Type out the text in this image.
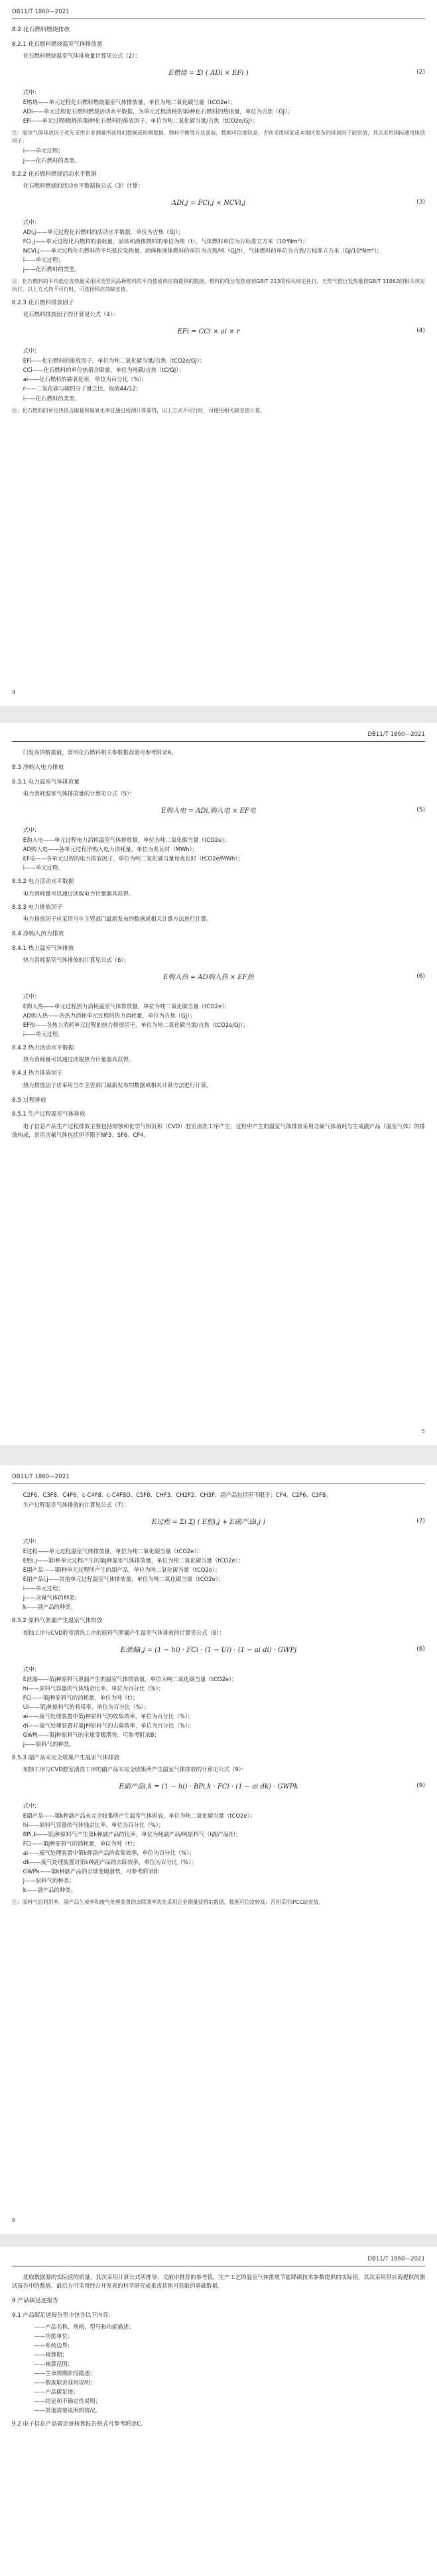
DB11/T 1860—2021
8.2 化石燃料燃烧排放
8.2.1 化石燃料燃烧温室气体排放量
化石燃料燃烧温室气体排放量计算见公式（2）：
E燃烧 = Σi ( ADi × EFi )	(2)
式中：
E燃烧——单元过程化石燃料燃烧温室气体排放量，单位为吨二氧化碳当量（tCO2e）；
ADi——单元过程化石燃料燃烧活动水平数据，为单元过程消耗的第i种化石燃料的热值量，单位为吉焦（GJ）；
EFi——单元过程i燃烧的第i种化石燃料的排放因子，单位为吨二氧化碳当量/吉焦（tCO2e/GJ）；
注：温室气体排放因子优先采用企业测量所获得的数据或检测数据，物料平衡等方法获取，数据可信度较高；否则采用国家或本地区发布的排放因子缺省值，其次采用国际通用排放因子。
i——单元过程；
j——化石燃料的类型。
8.2.2 化石燃料燃烧活动水平数据
化石燃料燃烧的活动水平数据按公式（3）计算：
ADi,j = FCi,j × NCVi,j	(3)
式中：
ADi,j——单元过程化石燃料的活动水平数据，单位为吉焦（GJ）；
FCi,j——单元过程化石燃料的消耗量，固体和液体燃料的单位为吨（t），气体燃料单位为万标准立方米（10⁴Nm³）；
NCVi,j——单元过程化石燃料的平均低位发热量，固体和液体燃料的单位为吉焦/吨（GJ/t），气体燃料的单位为吉焦/万标准立方米（GJ/10⁴Nm³）；
i——单元过程；
j——化石燃料的类型。
注：化石燃料的平均低位发热量采用同类型同品种燃料的平均值或供应商提供的数据，燃料的低位发热值按GB/T 213的相关规定执行，天然气低位发热量按GB/T 11062的相关规定执行。以上方式均不可行时，可选择相应的缺省值。
8.2.3 化石燃料排放因子
化石燃料排放因子的计算见公式（4）：
EFi = CCi × ai × r	(4)
式中：
EFi——化石燃料的排放因子，单位为吨二氧化碳当量/吉焦（tCO2e/GJ）；
CCi——化石燃料的单位热值含碳量，单位为吨碳/吉焦（tC/GJ）；
ai——化石燃料的碳氧化率，单位为百分比（%）；
r——二氧化碳与碳的分子量之比，取值44/12；
i——化石燃料的类型。
注：化石燃料的单位热值含碳量和碳氧化率宜通过检测计算获得，以上方式不可行时，可使用相关缺省值计算。
4
DB11/T 1860—2021
门发布的数据值，常用化石燃料相关参数推荐值可参考附录A。
8.3 净购入电力排放
8.3.1 电力温室气体排放量
电力消耗温室气体排放量的计算见公式（5）：
E购入电 = ADi,购入电 × EF电	(5)
式中：
E购入电——单元过程电力消耗温室气体排放量，单位为吨二氧化碳当量（tCO2e）；
AD购入电——各单元过程净购入电力消耗量，单位为兆瓦时（MWh）；
EF电——各单元过程的电力排放因子，单位为吨二氧化碳当量每兆瓦时（tCO2e/MWh）；
i——单元过程。
8.3.2 电力活动水平数据
电力消耗量可以通过读取电力计量器具获得。
8.3.3 电力排放因子
电力排放因子应采用当年主管部门最新发布的数据或相关计算方法进行计算。
8.4 净购入热力排放
8.4.1 热力温室气体排放
热力消耗温室气体排放的计算见公式（6）：
E购入热 = AD购入热 × EF热	(6)
式中：
E购入热——单元过程热力消耗温室气体排放量，单位为吨二氧化碳当量（tCO2e）；
AD购入热——各热力消耗单元过程的热力消耗量，单位为吉焦（GJ）；
EF热——各热力消耗单元过程的热力排放因子，单位为吨二氧化碳当量/吉焦（tCO2e/GJ）；
i——单元过程。
8.4.2 热力活动水平数据
热力消耗量可以通过读取热力计量器具获得。
8.4.3 热力排放因子
热力排放因子应采用当年主管部门最新发布的数据或相关计算方法进行计算。
8.5 过程排放
8.5.1 生产过程温室气体排放
电子信息产品生产过程排放主要包括刻蚀和化学气相沉积（CVD）腔室清洗工序产生，过程中产生的温室气体排放采用含氟气体消耗与生成副产品（温室气体）的排放构成，常用含氟气体包括但不限于NF3、SF6、CF4、
5
DB11/T 1860—2021
C2F6、C3F8、C4F6、c-C4F8、c-C4F8O、C5F8、CHF3、CH2F2、CH3F、副产品包括但不限于：CF4、C2F6、C3F8。
生产过程温室气体排放的计算见公式（7）：
E过程 = Σi Σj ( E腔i,j + E副产品i,j )	(7)
式中：
E过程——单元过程温室气体排放量，单位为吨二氧化碳当量（tCO2e）；
E腔i,j——第i种单元过程产生的第j种温室气体排放量，单位为吨二氧化碳当量（tCO2e）；
E副产品——第i种单元过程所产生的副产品，单位为吨二氧化碳当量（tCO2e）；
E副产品i,j——其他单元过程温室气体排放量，单位为吨二氧化碳当量（tCO2e）；
i——单元过程；
j——含氟气体的种类；
k——副产品的种类。
8.5.2 原料气泄漏产生温室气体排放
刻蚀工序与CVD腔室清洗工序的原料气泄漏产生温室气体排放的计算见公式（8）：
E泄漏i,j = (1 − hi) · FCi · (1 − Ui) · (1 − ai di) · GWPj	(8)
式中：
E泄漏——第j种原料气泄漏产生的温室气体排放量，单位为吨二氧化碳当量（tCO2e）；
hi——原料气容器的气体残余比率，单位为百分比（%）；
FCi——第j种原料气的消耗量，单位为吨（t）；
Ui——第j种原料气的利用率，单位为百分比（%）；
ai——废气处理装置中第j种原料气的收集效率，单位为百分比（%）；
di——废气处理装置对第j种原料气的去除效率，单位为百分比（%）；
GWPj——第j种原料气的全球变暖潜势，可参考附录B；
j——原料气的种类。
8.5.3 副产品未完全收集产生温室气体排放
刻蚀工序与CVD腔室清洗工序的副产品未完全收集所产生温室气体排放的计算见公式（9）：
E副产品i,k = (1 − hi) · BPi,k · FCi · (1 − ai dk) · GWPk	(9)
式中：
E副产品——第k种副产品未完全收集所产生温室气体排放，单位为吨二氧化碳当量（tCO2e）；
hi——原料气容器的气体残余比率，单位为百分比（%）；
BPi,k——第j种原料气产生第k种副产品的比率，单位为吨副产品/吨原料气（t副产品/t）；
FCi——第j种原料气的消耗量，单位为吨（t）；
ai——废气处理装置中第k种副产品的收集效率，单位为百分比（%）；
dk——废气处理装置对第k种副产品的去除效率，单位为百分比（%）；
GWPk——第k种副产品的全球变暖潜势，可参考附录B；
j——原料气的种类；
k——副产品的种类。
注：原料气的利用率、副产品生成率和废气处理装置的去除效率优先采用企业测量获得的数据，数据可信度较高；否则采用IPCC缺省值。
6
DB11/T 1860—2021
选取数据源的实际值的质量，其次采用计算公式所推导，文献中推荐的参考值，生产工艺的温室气体排放节能降碳技术参数提供的实际值，其次采用供应商提供的测试报告中的数值。最后方可采用经公开发表的科学研究成果或其他可获取的基础数据。
9 产品碳足迹报告
9.1 产品碳足迹报告至少包含以下内容：
——产品名称、规格、型号和功能描述；
——功能单位；
——系统边界；
——核算期；
——核算范围；
——生命周期阶段描述；
——数据取舍准则说明；
——产品碳足迹；
——结论和不确定性说明；
——其他需要说明的情况。
9.2 电子信息产品碳足迹核算报告格式可参考附录C。
